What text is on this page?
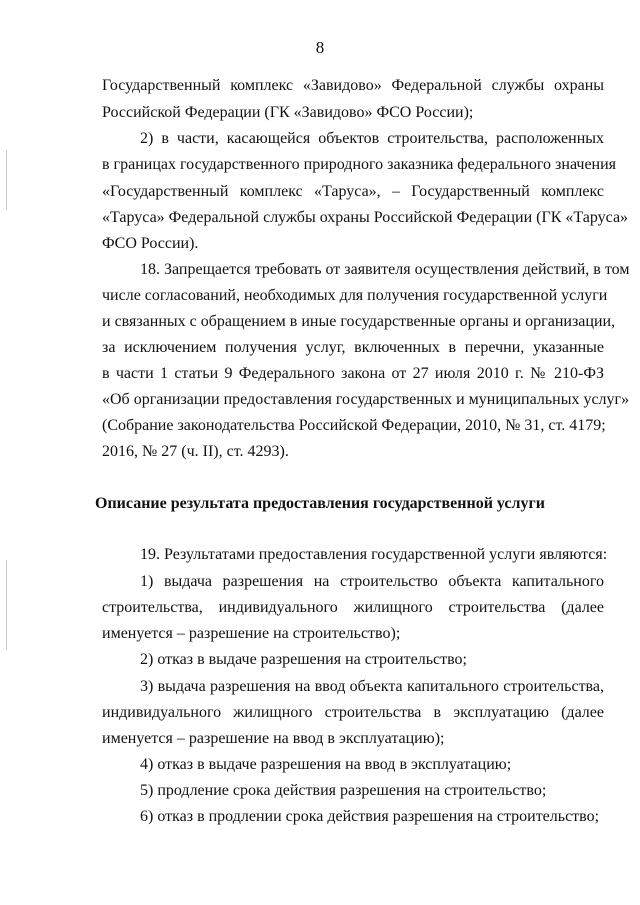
8
Государственный комплекс «Завидово» Федеральной службы охраны
Российской Федерации (ГК «Завидово» ФСО России);
2) в части, касающейся объектов строительства, расположенных
в границах государственного природного заказника федерального значения
«Государственный комплекс «Таруса», – Государственный комплекс
«Таруса» Федеральной службы охраны Российской Федерации (ГК «Таруса»
ФСО России).
18. Запрещается требовать от заявителя осуществления действий, в том
числе согласований, необходимых для получения государственной услуги
и связанных с обращением в иные государственные органы и организации,
за исключением получения услуг, включенных в перечни, указанные
в части 1 статьи 9 Федерального закона от 27 июля 2010 г. № 210-ФЗ
«Об организации предоставления государственных и муниципальных услуг»
(Собрание законодательства Российской Федерации, 2010, № 31, ст. 4179;
2016, № 27 (ч. II), ст. 4293).
Описание результата предоставления государственной услуги
19. Результатами предоставления государственной услуги являются:
1) выдача разрешения на строительство объекта капитального
строительства, индивидуального жилищного строительства (далее
именуется – разрешение на строительство);
2) отказ в выдаче разрешения на строительство;
3) выдача разрешения на ввод объекта капитального строительства,
индивидуального жилищного строительства в эксплуатацию (далее
именуется – разрешение на ввод в эксплуатацию);
4) отказ в выдаче разрешения на ввод в эксплуатацию;
5) продление срока действия разрешения на строительство;
6) отказ в продлении срока действия разрешения на строительство;
